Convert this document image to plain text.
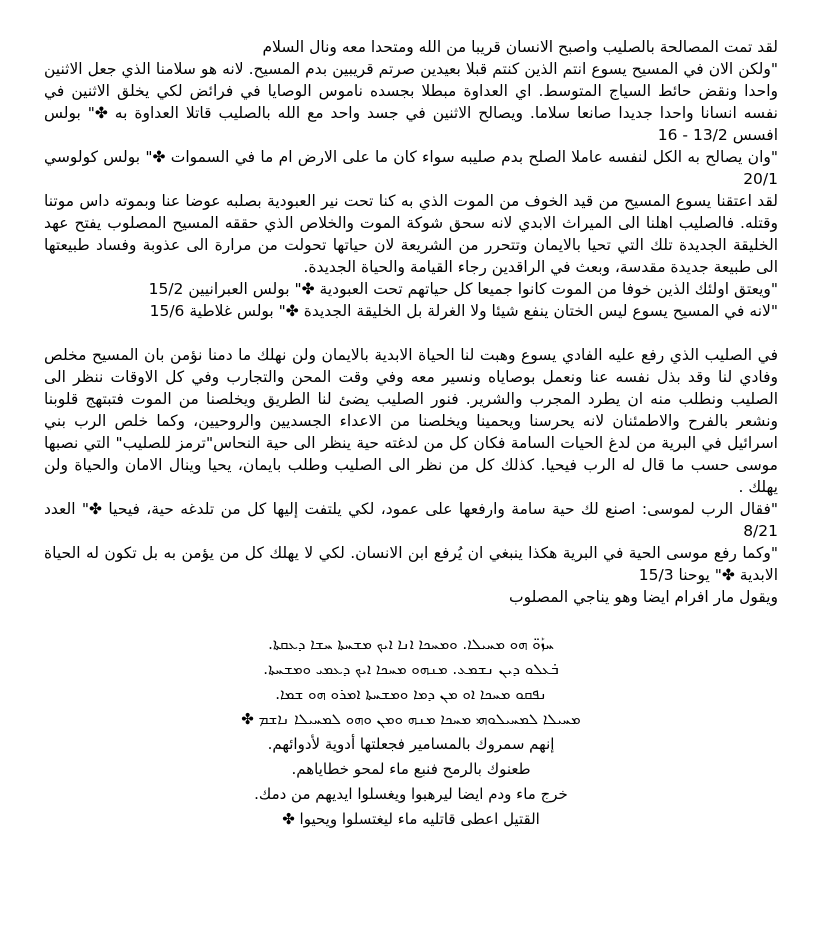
لقد تمت المصالحة بالصليب واصبح الانسان قريبا من الله ومتحدا معه ونال السلام

"ولكن الان في المسيح يسوع انتم الذين كنتم قبلا بعيدين صرتم قريبين بدم المسيح. لانه هو سلامنا الذي جعل الاثنين واحدا ونقض حائط السياج المتوسط. اي العداوة مبطلا بجسده ناموس الوصايا في فرائض لكي يخلق الاثنين في نفسه انسانا واحدا جديدا صانعا سلاما. ويصالح الاثنين في جسد واحد مع الله بالصليب قاتلا العداوة به ✤" بولس افسس 13/2 - 16

"وان يصالح به الكل لنفسه عاملا الصلح بدم صليبه سواء كان ما على الارض ام ما في السموات ✤" بولس كولوسي 20/1

لقد اعتقنا يسوع المسيح من قيد الخوف من الموت الذي به كنا تحت نير العبودية بصلبه عوضا عنا وبموته داس موتنا وقتله. فالصليب اهلنا الى الميراث الابدي لانه سحق شوكة الموت والخلاص الذي حققه المسيح المصلوب يفتح عهد الخليقة الجديدة تلك التي تحيا بالايمان وتتحرر من الشريعة لان حياتها تحولت من مرارة الى عذوبة وفساد طبيعتها الى طبيعة جديدة مقدسة، وبعث في الراقدين رجاء القيامة والحياة الجديدة.

"ويعتق اولئك الذين خوفا من الموت كانوا جميعا كل حياتهم تحت العبودية ✤" بولس العبرانيين 15/2

"لانه في المسيح يسوع ليس الختان ينفع شيئا ولا الغرلة بل الخليقة الجديدة ✤" بولس غلاطية 15/6

في الصليب الذي رفع عليه الفادي يسوع وهبت لنا الحياة الابدية بالايمان ولن نهلك ما دمنا نؤمن بان المسيح مخلص وفادي لنا وقد بذل نفسه عنا ونعمل بوصاياه ونسير معه وفي وقت المحن والتجارب وفي كل الاوقات ننظر الى الصليب ونطلب منه ان يطرد المجرب والشرير. فنور الصليب يضئ لنا الطريق ويخلصنا من الموت فتبتهج قلوبنا ونشعر بالفرح والاطمئنان لانه يحرسنا ويحمينا ويخلصنا من الاعداء الجسديين والروحيين، وكما خلص الرب بني اسرائيل في البرية من لدغ الحيات السامة فكان كل من لدغته حية ينظر الى حية النحاس"ترمز للصليب" التي نصبها موسى حسب ما قال له الرب فيحيا. كذلك كل من نظر الى الصليب وطلب بايمان، يحيا وينال الامان والحياة ولن يهلك .

"فقال الرب لموسى: اصنع لك حية سامة وارفعها على عمود، لكي يلتفت إليها كل من تلدغه حية، فيحيا ✤" العدد 8/21

"وكما رفع موسى الحية في البرية هكذا ينبغي ان يُرفع ابن الانسان. لكي لا يهلك كل من يؤمن به بل تكون له الحياة الابدية ✤" يوحنا 15/3

ويقول مار افرام ايضا وهو يناجي المصلوب

ܚܙܰܘ̈ ܗܘ ܡܚܝܠܐ. ܘܡܚܟܐ ܐܢܐ ܐܝܟ ܡܫܚܬܐ ܚܫܐ ܕܥܩܬܐ.

ܒ̇ܥܠܘ ܕܝܢ ܢܫܡܥ. ܡܢܗܘ ܡܚܟܐ ܐܝܟ ܕܥܡܝ ܘܡܫܚܬܐ.

ܢܦܩܘ ܡܚܟܐ ܐܘ ܡܢ ܕܡܐ ܘܡܫܚܬܐ ܐܡܪܘ ܗܘ ܫܡܐ.

ܡܚܝܠܐ ܠܡܚܝܠܘܗܝ ܡܚܟܐ ܡܢܗ ܘܡܢ ܘܗܘ ܠܡܚܝܠܐ ܢܐܫܡ ✤

إنهم سمروك بالمسامير فجعلتها أدوية لأدوائهم.

طعنوك بالرمح فنبع ماء لمحو خطاياهم.

خرج ماء ودم ايضا ليرهبوا ويغسلوا ايديهم من دمك.

القتيل اعطى قاتليه ماء ليغتسلوا ويحيوا ✤
